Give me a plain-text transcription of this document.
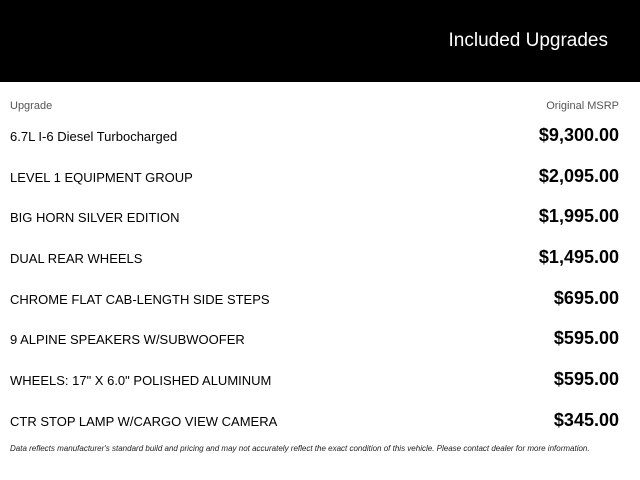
Included Upgrades
Upgrade	Original MSRP
6.7L I-6 Diesel Turbocharged	$9,300.00
LEVEL 1 EQUIPMENT GROUP	$2,095.00
BIG HORN SILVER EDITION	$1,995.00
DUAL REAR WHEELS	$1,495.00
CHROME FLAT CAB-LENGTH SIDE STEPS	$695.00
9 ALPINE SPEAKERS W/SUBWOOFER	$595.00
WHEELS: 17" X 6.0" POLISHED ALUMINUM	$595.00
CTR STOP LAMP W/CARGO VIEW CAMERA	$345.00
Data reflects manufacturer's standard build and pricing and may not accurately reflect the exact condition of this vehicle. Please contact dealer for more information.
